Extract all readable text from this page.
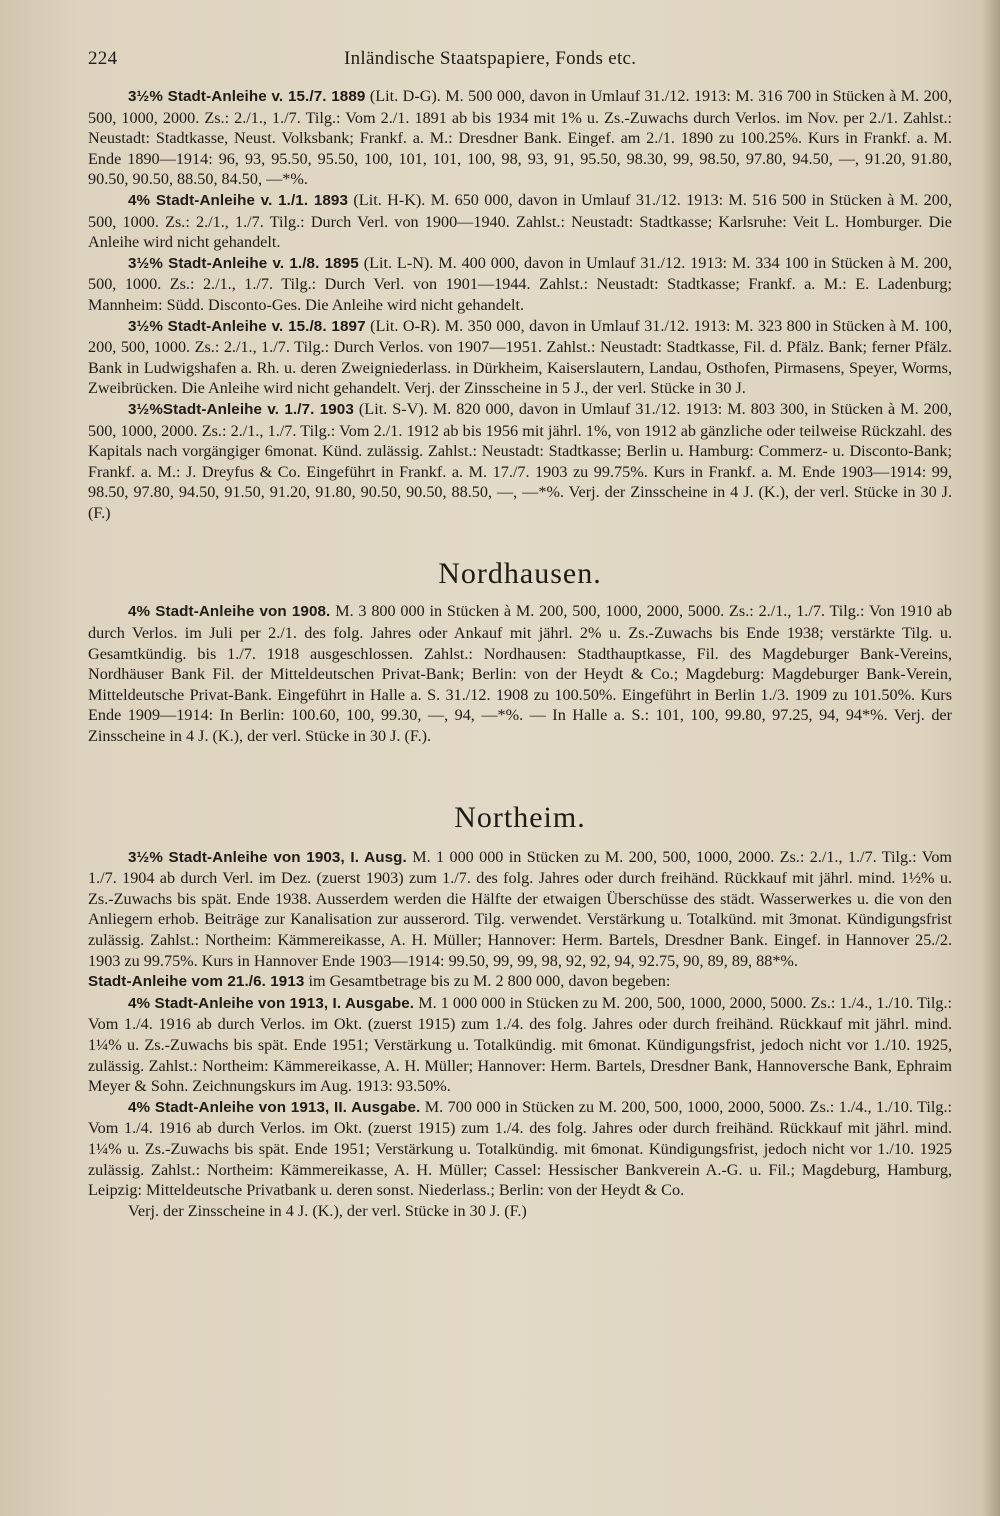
224	Inländische Staatspapiere, Fonds etc.

3½% Stadt-Anleihe v. 15./7. 1889 (Lit. D-G). M. 500 000, davon in Umlauf 31./12. 1913: M. 316 700 in Stücken à M. 200, 500, 1000, 2000. Zs.: 2./1., 1./7. Tilg.: Vom 2./1. 1891 ab bis 1934 mit 1% u. Zs.-Zuwachs durch Verlos. im Nov. per 2./1. Zahlst.: Neustadt: Stadtkasse, Neust. Volksbank; Frankf. a. M.: Dresdner Bank. Eingef. am 2./1. 1890 zu 100.25%. Kurs in Frankf. a. M. Ende 1890—1914: 96, 93, 95.50, 95.50, 100, 101, 101, 100, 98, 93, 91, 95.50, 98.30, 99, 98.50, 97.80, 94.50, —, 91.20, 91.80, 90.50, 90.50, 88.50, 84.50, —*%.

4% Stadt-Anleihe v. 1./1. 1893 (Lit. H-K). M. 650 000, davon in Umlauf 31./12. 1913: M. 516 500 in Stücken à M. 200, 500, 1000. Zs.: 2./1., 1./7. Tilg.: Durch Verl. von 1900—1940. Zahlst.: Neustadt: Stadtkasse; Karlsruhe: Veit L. Homburger. Die Anleihe wird nicht gehandelt.

3½% Stadt-Anleihe v. 1./8. 1895 (Lit. L-N). M. 400 000, davon in Umlauf 31./12. 1913: M. 334 100 in Stücken à M. 200, 500, 1000. Zs.: 2./1., 1./7. Tilg.: Durch Verl. von 1901—1944. Zahlst.: Neustadt: Stadtkasse; Frankf. a. M.: E. Ladenburg; Mannheim: Südd. Disconto-Ges. Die Anleihe wird nicht gehandelt.

3½% Stadt-Anleihe v. 15./8. 1897 (Lit. O-R). M. 350 000, davon in Umlauf 31./12. 1913: M. 323 800 in Stücken à M. 100, 200, 500, 1000. Zs.: 2./1., 1./7. Tilg.: Durch Verlos. von 1907—1951. Zahlst.: Neustadt: Stadtkasse, Fil. d. Pfälz. Bank; ferner Pfälz. Bank in Ludwigshafen a. Rh. u. deren Zweigniederlass. in Dürkheim, Kaiserslautern, Landau, Osthofen, Pirmasens, Speyer, Worms, Zweibrücken. Die Anleihe wird nicht gehandelt. Verj. der Zinsscheine in 5 J., der verl. Stücke in 30 J.

3½%Stadt-Anleihe v. 1./7. 1903 (Lit. S-V). M. 820 000, davon in Umlauf 31./12. 1913: M. 803 300, in Stücken à M. 200, 500, 1000, 2000. Zs.: 2./1., 1./7. Tilg.: Vom 2./1. 1912 ab bis 1956 mit jährl. 1%, von 1912 ab gänzliche oder teilweise Rückzahl. des Kapitals nach vorgängiger 6monat. Künd. zulässig. Zahlst.: Neustadt: Stadtkasse; Berlin u. Hamburg: Commerz- u. Disconto-Bank; Frankf. a. M.: J. Dreyfus & Co. Eingeführt in Frankf. a. M. 17./7. 1903 zu 99.75%. Kurs in Frankf. a. M. Ende 1903—1914: 99, 98.50, 97.80, 94.50, 91.50, 91.20, 91.80, 90.50, 90.50, 88.50, —, —*%. Verj. der Zinsscheine in 4 J. (K.), der verl. Stücke in 30 J. (F.)

Nordhausen.

4% Stadt-Anleihe von 1908. M. 3 800 000 in Stücken à M. 200, 500, 1000, 2000, 5000. Zs.: 2./1., 1./7. Tilg.: Von 1910 ab durch Verlos. im Juli per 2./1. des folg. Jahres oder Ankauf mit jährl. 2% u. Zs.-Zuwachs bis Ende 1938; verstärkte Tilg. u. Gesamtkündig. bis 1./7. 1918 ausgeschlossen. Zahlst.: Nordhausen: Stadthauptkasse, Fil. des Magdeburger Bank-Vereins, Nordhäuser Bank Fil. der Mitteldeutschen Privat-Bank; Berlin: von der Heydt & Co.; Magdeburg: Magdeburger Bank-Verein, Mitteldeutsche Privat-Bank. Eingeführt in Halle a. S. 31./12. 1908 zu 100.50%. Eingeführt in Berlin 1./3. 1909 zu 101.50%. Kurs Ende 1909—1914: In Berlin: 100.60, 100, 99.30, —, 94, —*%. — In Halle a. S.: 101, 100, 99.80, 97.25, 94, 94*%. Verj. der Zinsscheine in 4 J. (K.), der verl. Stücke in 30 J. (F.).

Northeim.

3½% Stadt-Anleihe von 1903, I. Ausg. M. 1 000 000 in Stücken zu M. 200, 500, 1000, 2000. Zs.: 2./1., 1./7. Tilg.: Vom 1./7. 1904 ab durch Verl. im Dez. (zuerst 1903) zum 1./7. des folg. Jahres oder durch freihänd. Rückkauf mit jährl. mind. 1½% u. Zs.-Zuwachs bis spät. Ende 1938. Ausserdem werden die Hälfte der etwaigen Überschüsse des städt. Wasserwerkes u. die von den Anliegern erhob. Beiträge zur Kanalisation zur ausserord. Tilg. verwendet. Verstärkung u. Totalkünd. mit 3monat. Kündigungsfrist zulässig. Zahlst.: Northeim: Kämmereikasse, A. H. Müller; Hannover: Herm. Bartels, Dresdner Bank. Eingef. in Hannover 25./2. 1903 zu 99.75%. Kurs in Hannover Ende 1903—1914: 99.50, 99, 99, 98, 92, 92, 94, 92.75, 90, 89, 89, 88*%.

Stadt-Anleihe vom 21./6. 1913 im Gesamtbetrage bis zu M. 2 800 000, davon begeben:

4% Stadt-Anleihe von 1913, I. Ausgabe. M. 1 000 000 in Stücken zu M. 200, 500, 1000, 2000, 5000. Zs.: 1./4., 1./10. Tilg.: Vom 1./4. 1916 ab durch Verlos. im Okt. (zuerst 1915) zum 1./4. des folg. Jahres oder durch freihänd. Rückkauf mit jährl. mind. 1¼% u. Zs.-Zuwachs bis spät. Ende 1951; Verstärkung u. Totalkündig. mit 6monat. Kündigungsfrist, jedoch nicht vor 1./10. 1925, zulässig. Zahlst.: Northeim: Kämmereikasse, A. H. Müller; Hannover: Herm. Bartels, Dresdner Bank, Hannoversche Bank, Ephraim Meyer & Sohn. Zeichnungskurs im Aug. 1913: 93.50%.

4% Stadt-Anleihe von 1913, II. Ausgabe. M. 700 000 in Stücken zu M. 200, 500, 1000, 2000, 5000. Zs.: 1./4., 1./10. Tilg.: Vom 1./4. 1916 ab durch Verlos. im Okt. (zuerst 1915) zum 1./4. des folg. Jahres oder durch freihänd. Rückkauf mit jährl. mind. 1¼% u. Zs.-Zuwachs bis spät. Ende 1951; Verstärkung u. Totalkündig. mit 6monat. Kündigungsfrist, jedoch nicht vor 1./10. 1925 zulässig. Zahlst.: Northeim: Kämmereikasse, A. H. Müller; Cassel: Hessischer Bankverein A.-G. u. Fil.; Magdeburg, Hamburg, Leipzig: Mitteldeutsche Privatbank u. deren sonst. Niederlass.; Berlin: von der Heydt & Co.

Verj. der Zinsscheine in 4 J. (K.), der verl. Stücke in 30 J. (F.)
